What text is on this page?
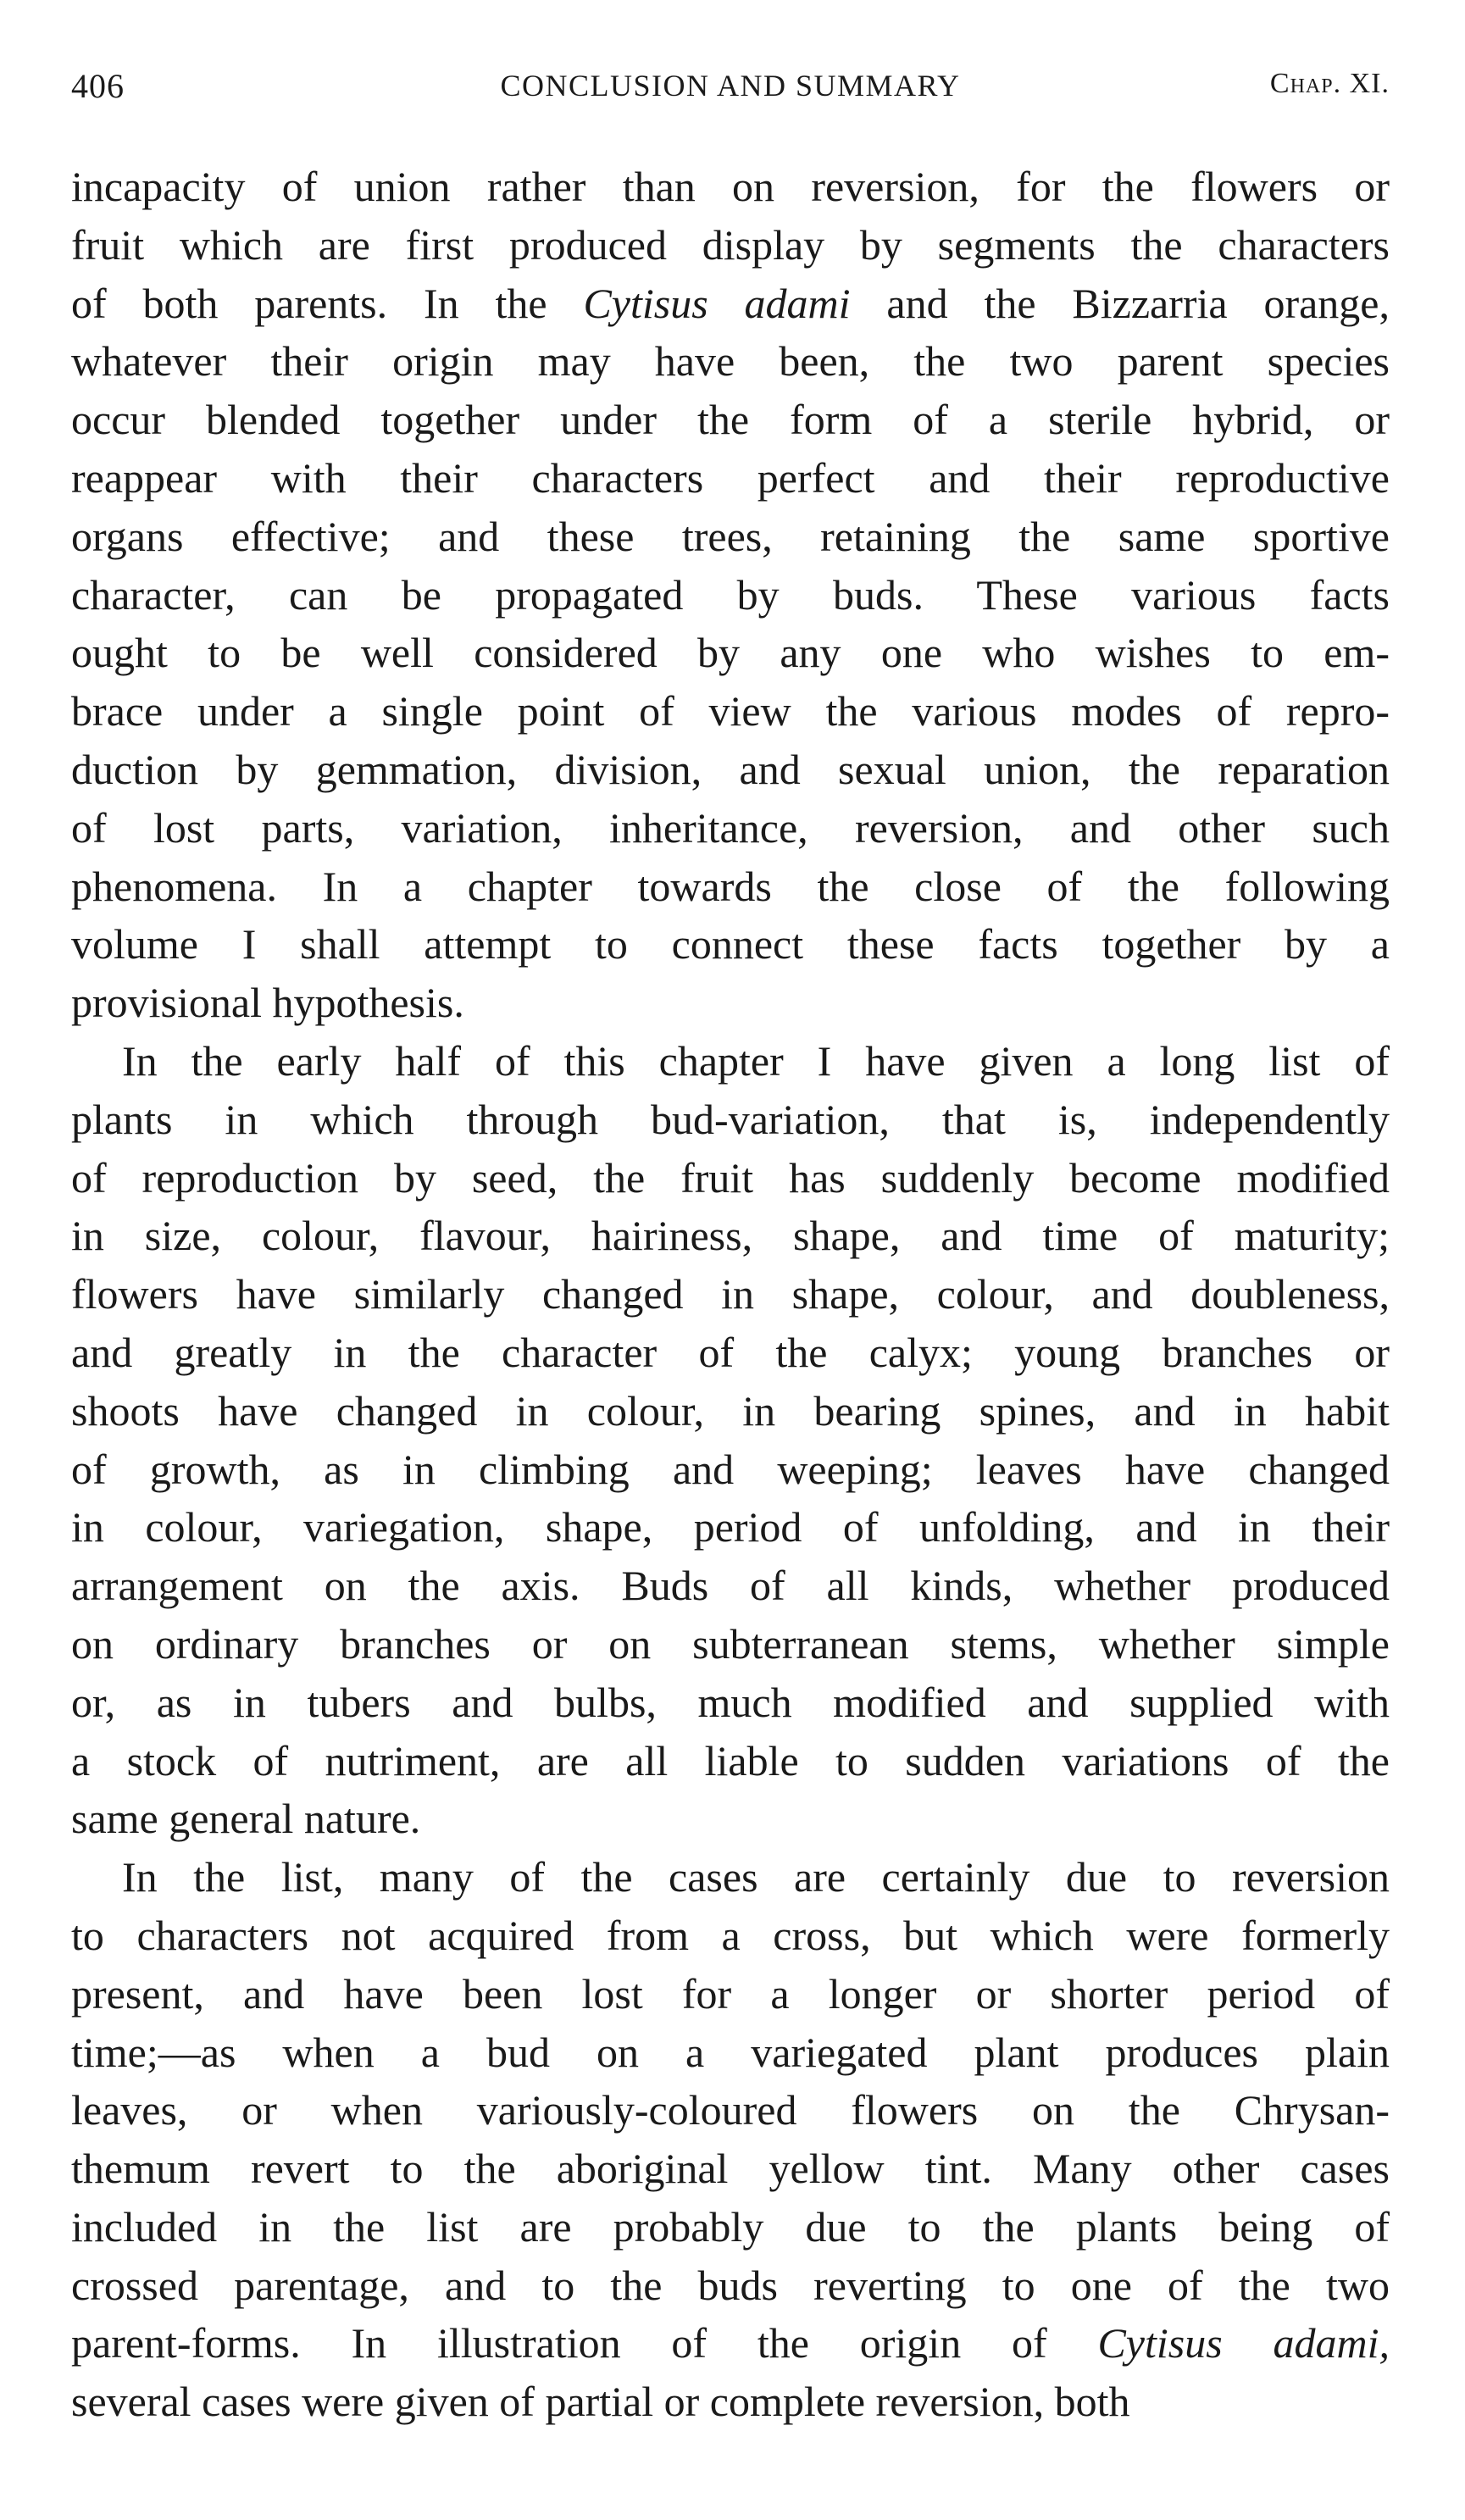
406	CONCLUSION AND SUMMARY	Chap. XI.

incapacity of union rather than on reversion, for the flowers or
fruit which are first produced display by segments the characters
of both parents. In the Cytisus adami and the Bizzarria orange,
whatever their origin may have been, the two parent species
occur blended together under the form of a sterile hybrid, or
reappear with their characters perfect and their reproductive
organs effective; and these trees, retaining the same sportive
character, can be propagated by buds. These various facts
ought to be well considered by any one who wishes to em-
brace under a single point of view the various modes of repro-
duction by gemmation, division, and sexual union, the reparation
of lost parts, variation, inheritance, reversion, and other such
phenomena. In a chapter towards the close of the following
volume I shall attempt to connect these facts together by a
provisional hypothesis.

In the early half of this chapter I have given a long list of
plants in which through bud-variation, that is, independently
of reproduction by seed, the fruit has suddenly become modified
in size, colour, flavour, hairiness, shape, and time of maturity;
flowers have similarly changed in shape, colour, and doubleness,
and greatly in the character of the calyx; young branches or
shoots have changed in colour, in bearing spines, and in habit
of growth, as in climbing and weeping; leaves have changed
in colour, variegation, shape, period of unfolding, and in their
arrangement on the axis. Buds of all kinds, whether produced
on ordinary branches or on subterranean stems, whether simple
or, as in tubers and bulbs, much modified and supplied with
a stock of nutriment, are all liable to sudden variations of the
same general nature.

In the list, many of the cases are certainly due to reversion
to characters not acquired from a cross, but which were formerly
present, and have been lost for a longer or shorter period of
time;—as when a bud on a variegated plant produces plain
leaves, or when variously-coloured flowers on the Chrysan-
themum revert to the aboriginal yellow tint. Many other cases
included in the list are probably due to the plants being of
crossed parentage, and to the buds reverting to one of the two
parent-forms. In illustration of the origin of Cytisus adami,
several cases were given of partial or complete reversion, both
